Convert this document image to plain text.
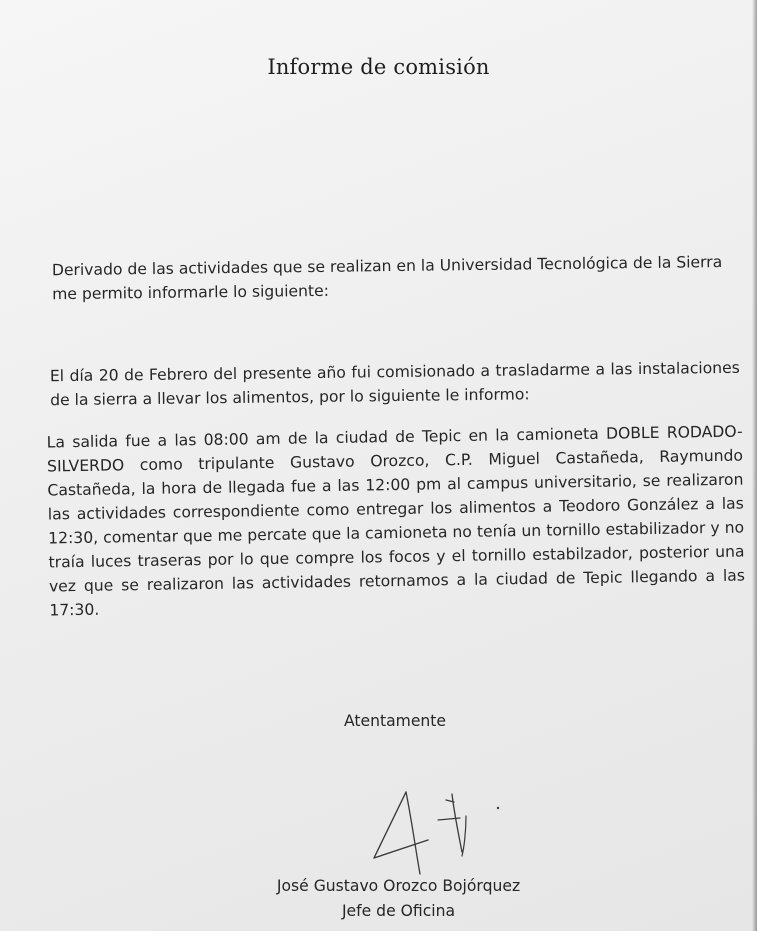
Informe de comisión
Derivado de las actividades que se realizan en la Universidad Tecnológica de la Sierra me permito informarle lo siguiente:
El día 20 de Febrero del presente año fui comisionado a trasladarme a las instalaciones de la sierra a llevar los alimentos, por lo siguiente le informo:
La salida fue a las 08:00 am de la ciudad de Tepic en la camioneta DOBLE RODADO-SILVERDO como tripulante Gustavo Orozco, C.P. Miguel Castañeda, Raymundo Castañeda, la hora de llegada fue a las 12:00 pm al campus universitario, se realizaron las actividades correspondiente como entregar los alimentos a Teodoro González a las 12:30, comentar que me percate que la camioneta no tenía un tornillo estabilizador y no traía luces traseras por lo que compre los focos y el tornillo estabilzador, posterior una vez que se realizaron las actividades retornamos a la ciudad de Tepic llegando a las 17:30.
Atentamente
José Gustavo Orozco Bojórquez
Jefe de Oficina
